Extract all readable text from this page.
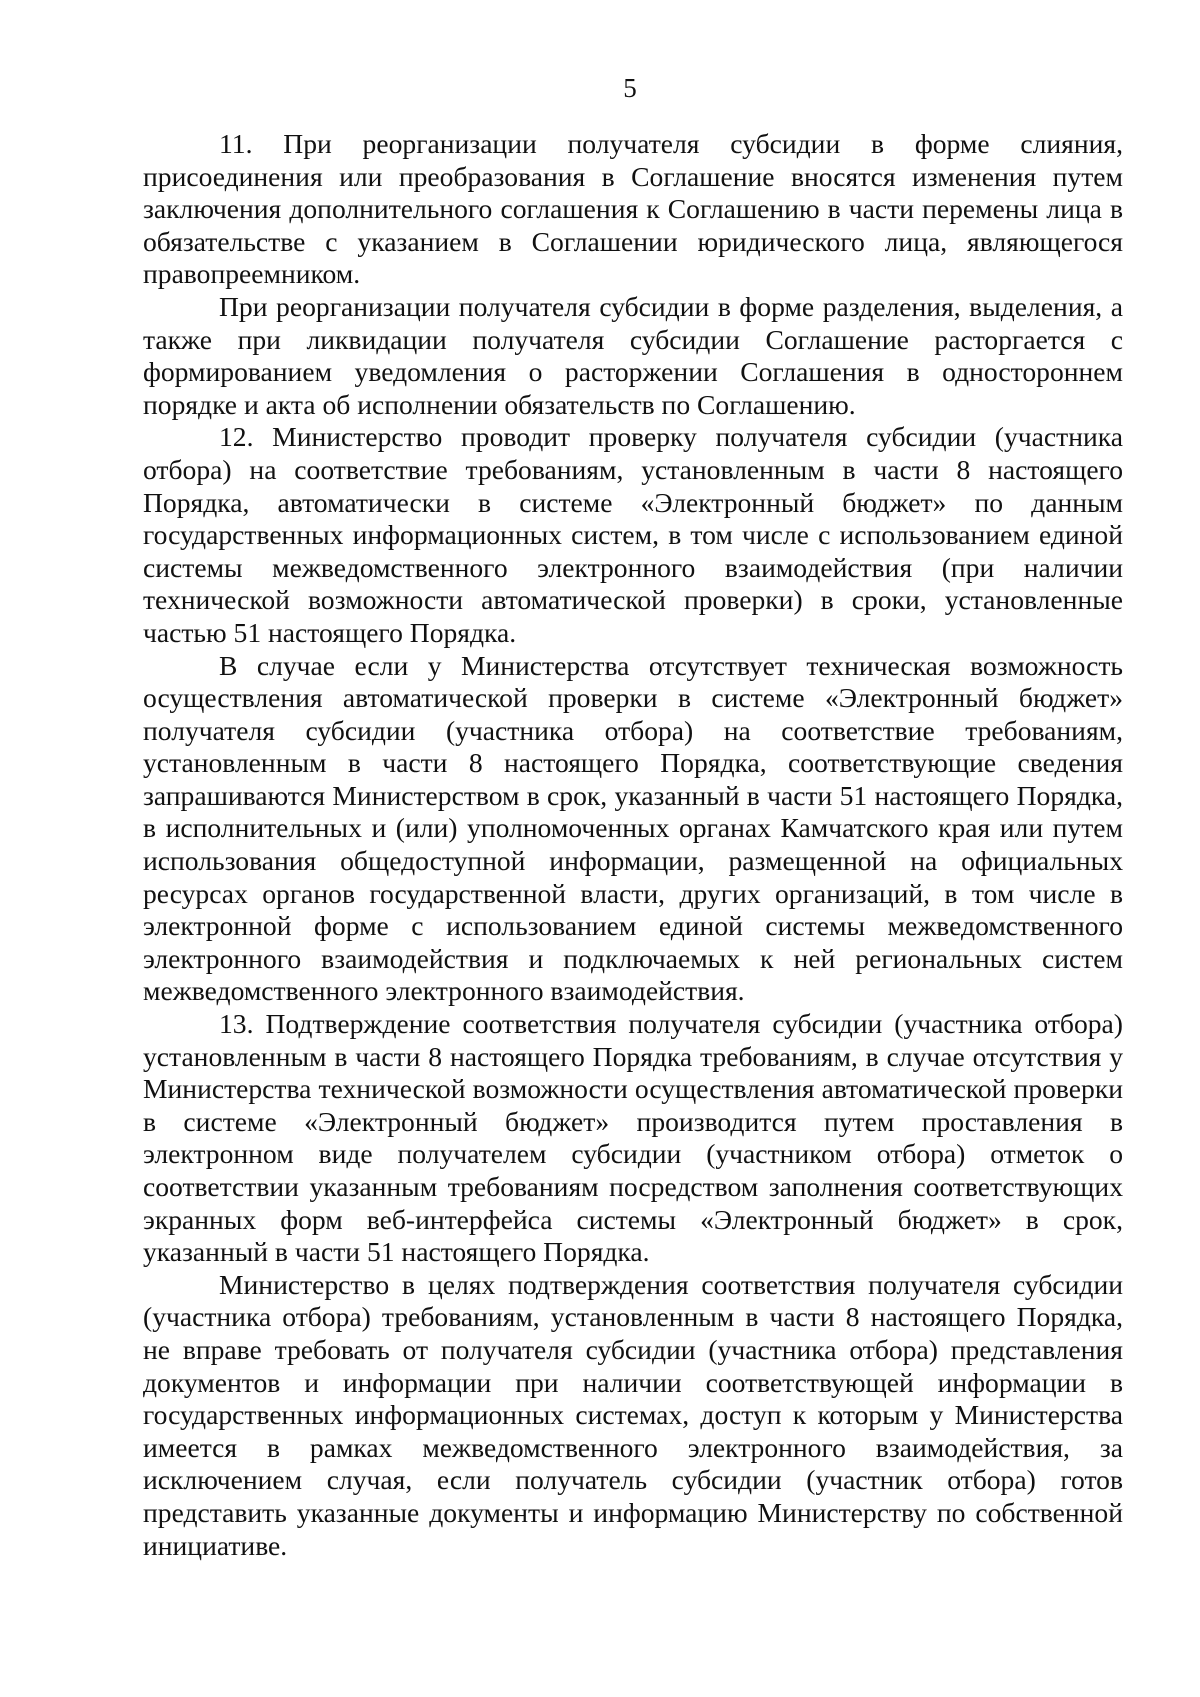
5

11. При реорганизации получателя субсидии в форме слияния, присоединения или преобразования в Соглашение вносятся изменения путем заключения дополнительного соглашения к Соглашению в части перемены лица в обязательстве с указанием в Соглашении юридического лица, являющегося правопреемником.

При реорганизации получателя субсидии в форме разделения, выделения, а также при ликвидации получателя субсидии Соглашение расторгается с формированием уведомления о расторжении Соглашения в одностороннем порядке и акта об исполнении обязательств по Соглашению.

12. Министерство проводит проверку получателя субсидии (участника отбора) на соответствие требованиям, установленным в части 8 настоящего Порядка, автоматически в системе «Электронный бюджет» по данным государственных информационных систем, в том числе с использованием единой системы межведомственного электронного взаимодействия (при наличии технической возможности автоматической проверки) в сроки, установленные частью 51 настоящего Порядка.

В случае если у Министерства отсутствует техническая возможность осуществления автоматической проверки в системе «Электронный бюджет» получателя субсидии (участника отбора) на соответствие требованиям, установленным в части 8 настоящего Порядка, соответствующие сведения запрашиваются Министерством в срок, указанный в части 51 настоящего Порядка, в исполнительных и (или) уполномоченных органах Камчатского края или путем использования общедоступной информации, размещенной на официальных ресурсах органов государственной власти, других организаций, в том числе в электронной форме с использованием единой системы межведомственного электронного взаимодействия и подключаемых к ней региональных систем межведомственного электронного взаимодействия.

13. Подтверждение соответствия получателя субсидии (участника отбора) установленным в части 8 настоящего Порядка требованиям, в случае отсутствия у Министерства технической возможности осуществления автоматической проверки в системе «Электронный бюджет» производится путем проставления в электронном виде получателем субсидии (участником отбора) отметок о соответствии указанным требованиям посредством заполнения соответствующих экранных форм веб-интерфейса системы «Электронный бюджет» в срок, указанный в части 51 настоящего Порядка.

Министерство в целях подтверждения соответствия получателя субсидии (участника отбора) требованиям, установленным в части 8 настоящего Порядка, не вправе требовать от получателя субсидии (участника отбора) представления документов и информации при наличии соответствующей информации в государственных информационных системах, доступ к которым у Министерства имеется в рамках межведомственного электронного взаимодействия, за исключением случая, если получатель субсидии (участник отбора) готов представить указанные документы и информацию Министерству по собственной инициативе.
